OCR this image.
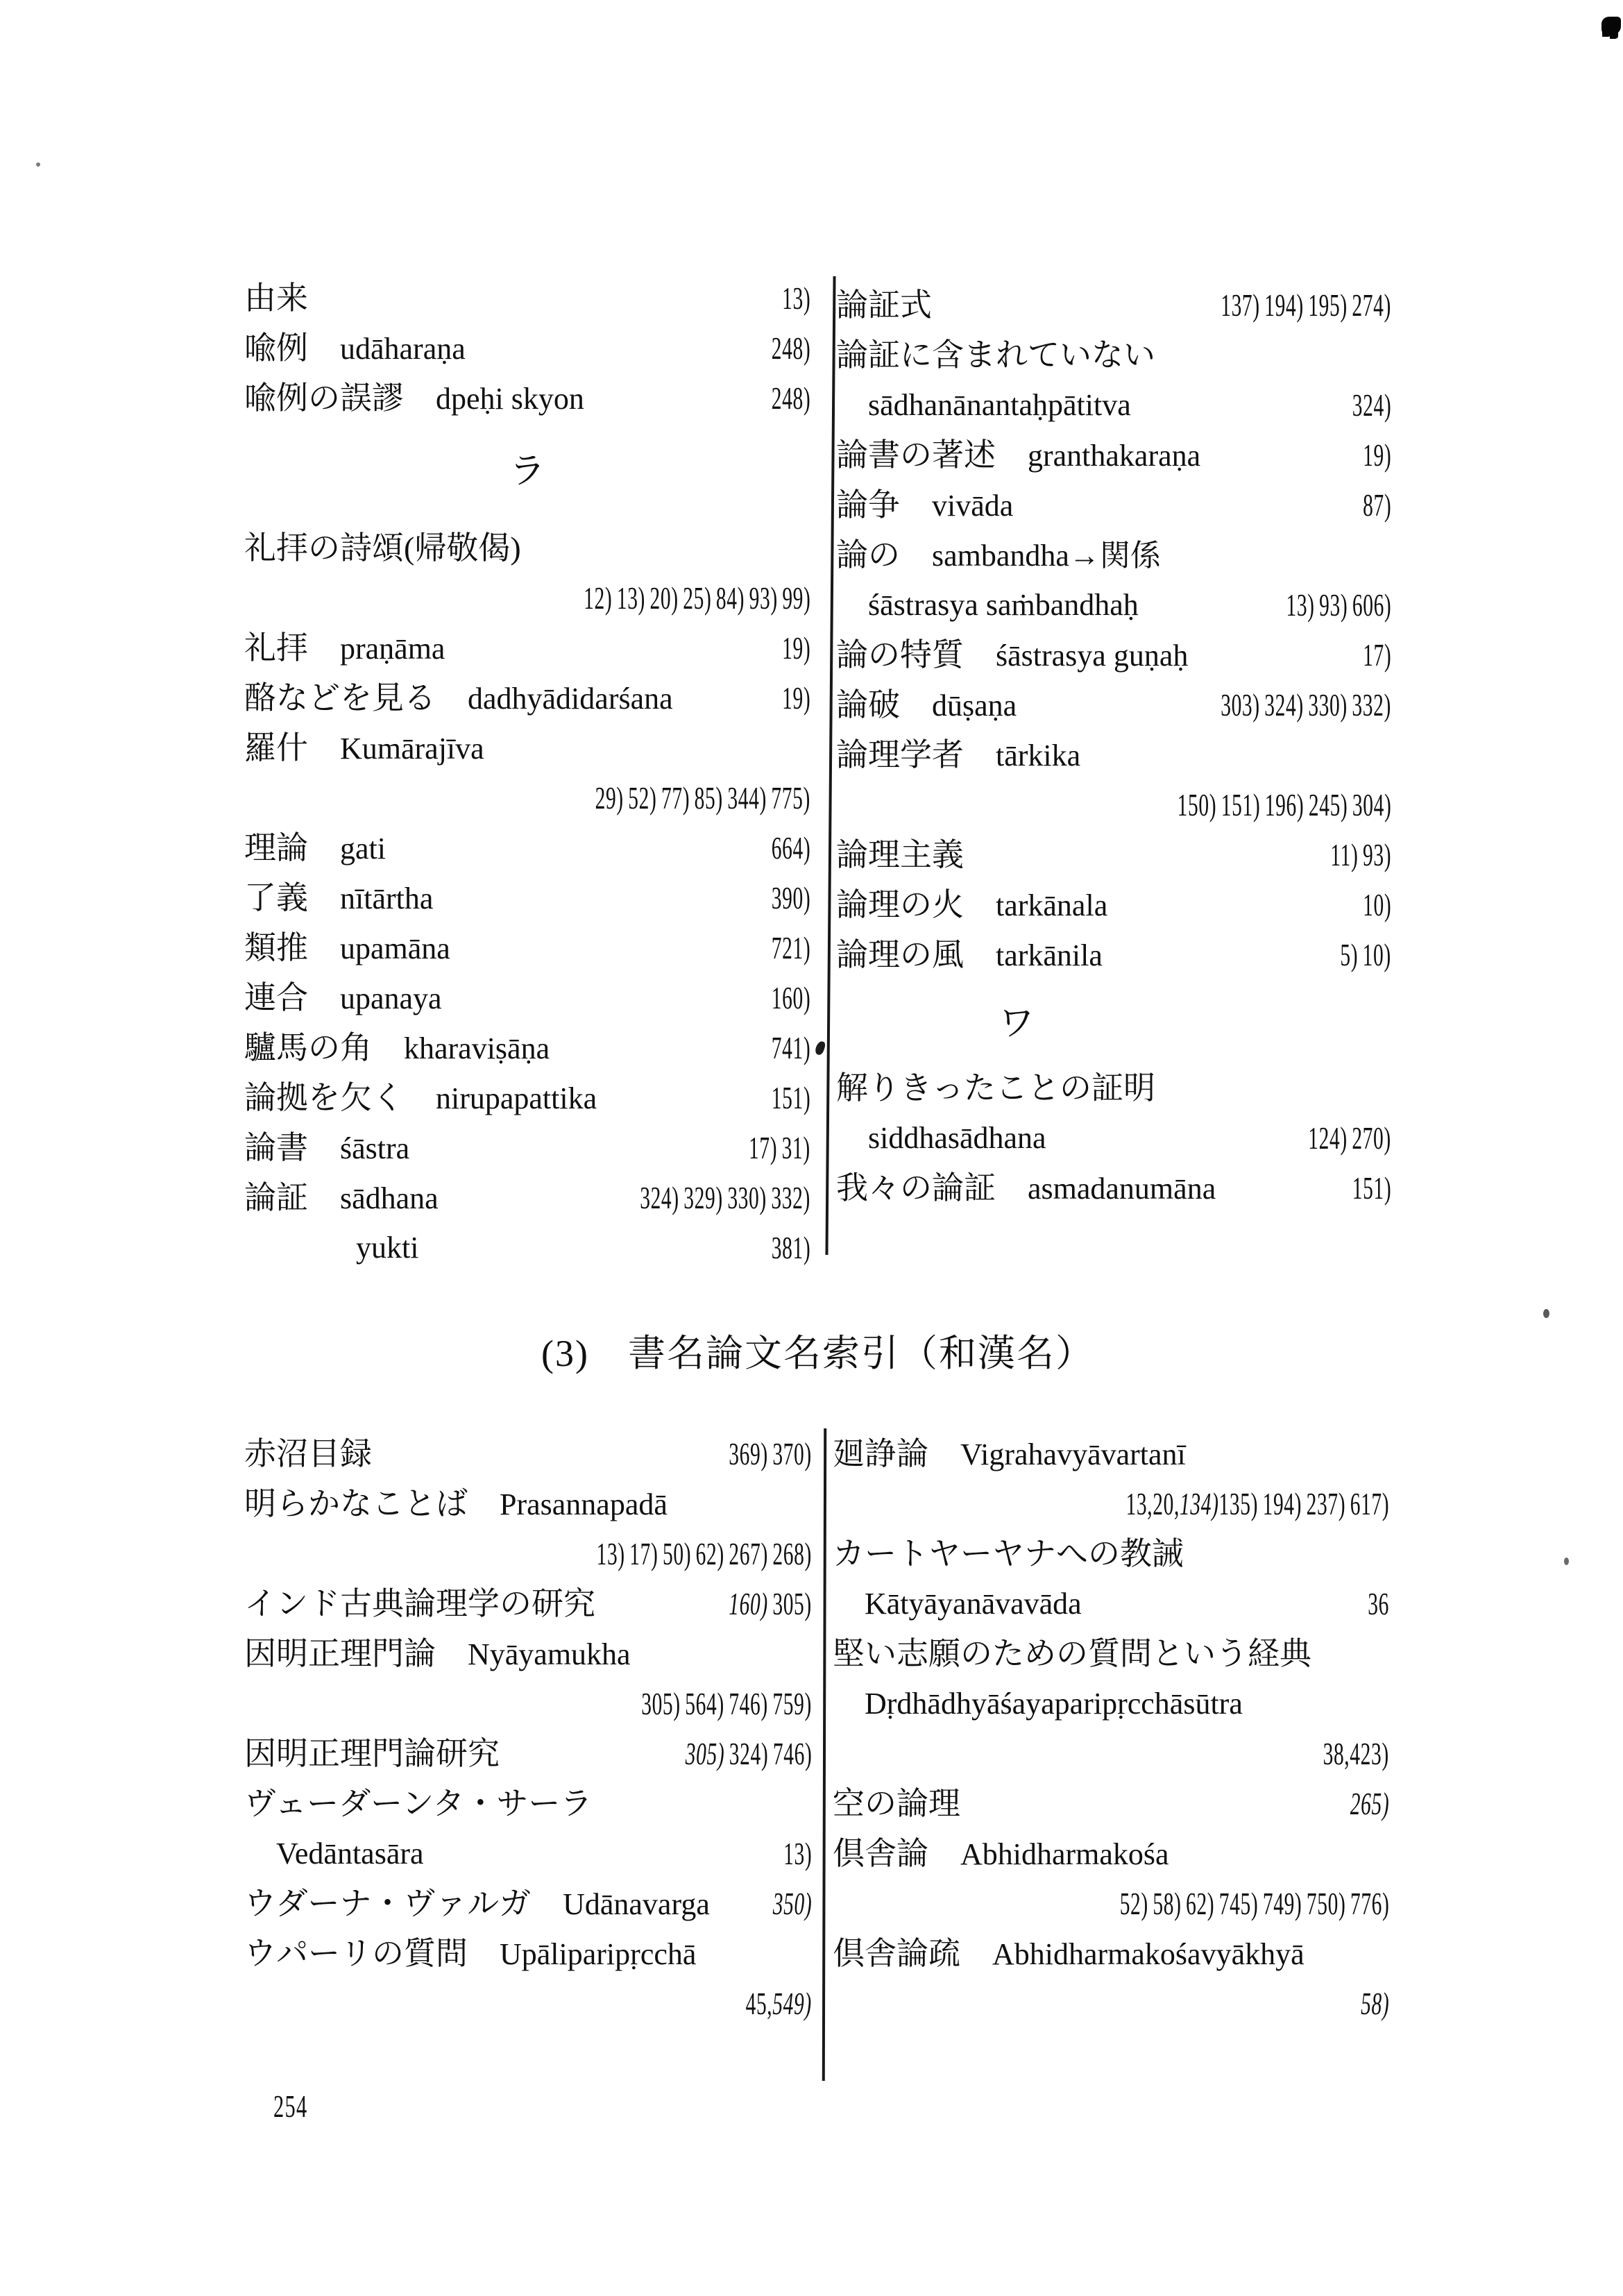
由来	13)
喩例 udāharaṇa	248)
喩例の誤謬 dpeḥi skyon	248)
ラ
礼拝の詩頌(帰敬偈)
12) 13) 20) 25) 84) 93) 99)
礼拝 praṇāma	19)
酪などを見る dadhyādidarśana	19)
羅什 Kumārajīva
29) 52) 77) 85) 344) 775)
理論 gati	664)
了義 nītārtha	390)
類推 upamāna	721)
連合 upanaya	160)
驢馬の角 kharaviṣāṇa	741)
論拠を欠く nirupapattika	151)
論書 śāstra	17) 31)
論証 sādhana	324) 329) 330) 332)
yukti	381)
論証式	137) 194) 195) 274)
論証に含まれていない
sādhanānantaḥpātitva	324)
論書の著述 granthakaraṇa	19)
論争 vivāda	87)
論の sambandha→関係
śāstrasya saṁbandhaḥ	13) 93) 606)
論の特質 śāstrasya guṇaḥ	17)
論破 dūṣaṇa	303) 324) 330) 332)
論理学者 tārkika
150) 151) 196) 245) 304)
論理主義	11) 93)
論理の火 tarkānala	10)
論理の風 tarkānila	5) 10)
ワ
解りきったことの証明
siddhasādhana	124) 270)
我々の論証 asmadanumāna	151)
(3)　書名論文名索引（和漢名）
赤沼目録	369) 370)
明らかなことば Prasannapadā
13) 17) 50) 62) 267) 268)
インド古典論理学の研究	160) 305)
因明正理門論 Nyāyamukha
305) 564) 746) 759)
因明正理門論研究	305) 324) 746)
ヴェーダーンタ・サーラ
Vedāntasāra	13)
ウダーナ・ヴァルガ Udānavarga 350)
ウパーリの質問 Upāliparipṛcchā
45,549)
廻諍論 Vigrahavyāvartanī
13,20,134)135) 194) 237) 617)
カートヤーヤナへの教誡
Kātyāyanāvavāda	36
堅い志願のための質問という経典
Dṛdhādhyāśayaparipṛcchāsūtra
38,423)
空の論理	265)
倶舎論 Abhidharmakośa
52) 58) 62) 745) 749) 750) 776)
倶舎論疏 Abhidharmakośavyākhyā
58)
254
